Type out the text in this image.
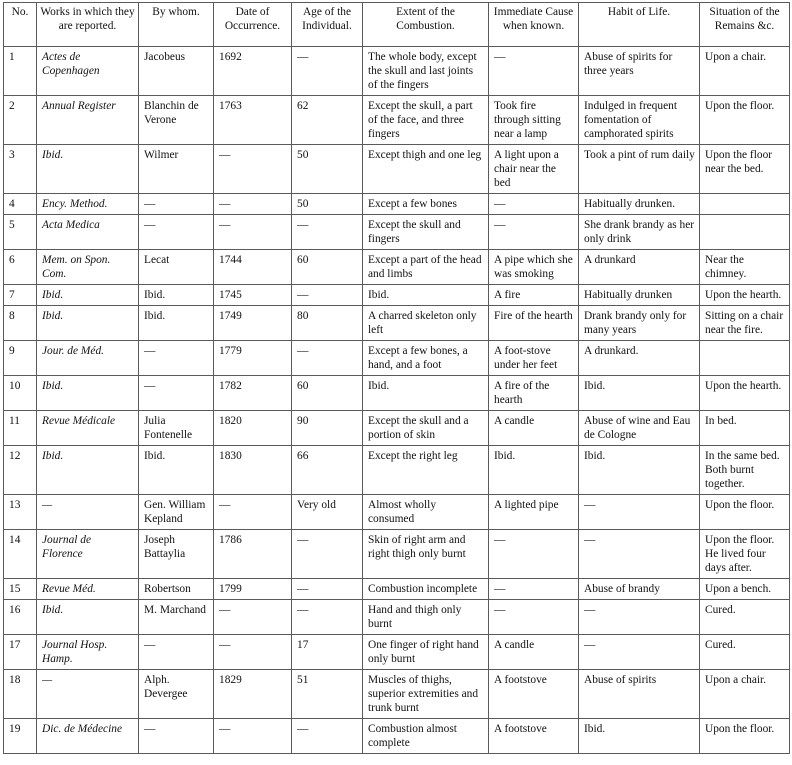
No.	Works in which they are reported.	By whom.	Date of Occurrence.	Age of the Individual.	Extent of the Combustion.	Immediate Cause when known.	Habit of Life.	Situation of the Remains &c.
1	Actes de Copenhagen	Jacobeus	1692	—	The whole body, except the skull and last joints of the fingers	—	Abuse of spirits for three years	Upon a chair.
2	Annual Register	Blanchin de Verone	1763	62	Except the skull, a part of the face, and three fingers	Took fire through sitting near a lamp	Indulged in frequent fomentation of camphorated spirits	Upon the floor.
3	Ibid.	Wilmer	—	50	Except thigh and one leg	A light upon a chair near the bed	Took a pint of rum daily	Upon the floor near the bed.
4	Ency. Method.	—	—	50	Except a few bones	—	Habitually drunken.	
5	Acta Medica	—	—	—	Except the skull and fingers	—	She drank brandy as her only drink	
6	Mem. on Spon. Com.	Lecat	1744	60	Except a part of the head and limbs	A pipe which she was smoking	A drunkard	Near the chimney.
7	Ibid.	Ibid.	1745	—	Ibid.	A fire	Habitually drunken	Upon the hearth.
8	Ibid.	Ibid.	1749	80	A charred skeleton only left	Fire of the hearth	Drank brandy only for many years	Sitting on a chair near the fire.
9	Jour. de Méd.	—	1779	—	Except a few bones, a hand, and a foot	A foot-stove under her feet	A drunkard.	
10	Ibid.	—	1782	60	Ibid.	A fire of the hearth	Ibid.	Upon the hearth.
11	Revue Médicale	Julia Fontenelle	1820	90	Except the skull and a portion of skin	A candle	Abuse of wine and Eau de Cologne	In bed.
12	Ibid.	Ibid.	1830	66	Except the right leg	Ibid.	Ibid.	In the same bed. Both burnt together.
13	—	Gen. William Kepland	—	Very old	Almost wholly consumed	A lighted pipe	—	Upon the floor.
14	Journal de Florence	Joseph Battaylia	1786	—	Skin of right arm and right thigh only burnt	—	—	Upon the floor. He lived four days after.
15	Revue Méd.	Robertson	1799	—	Combustion incomplete	—	Abuse of brandy	Upon a bench.
16	Ibid.	M. Marchand	—	—	Hand and thigh only burnt	—	—	Cured.
17	Journal Hosp. Hamp.	—	—	17	One finger of right hand only burnt	A candle	—	Cured.
18	—	Alph. Devergee	1829	51	Muscles of thighs, superior extremities and trunk burnt	A footstove	Abuse of spirits	Upon a chair.
19	Dic. de Médecine	—	—	—	Combustion almost complete	A footstove	Ibid.	Upon the floor.
